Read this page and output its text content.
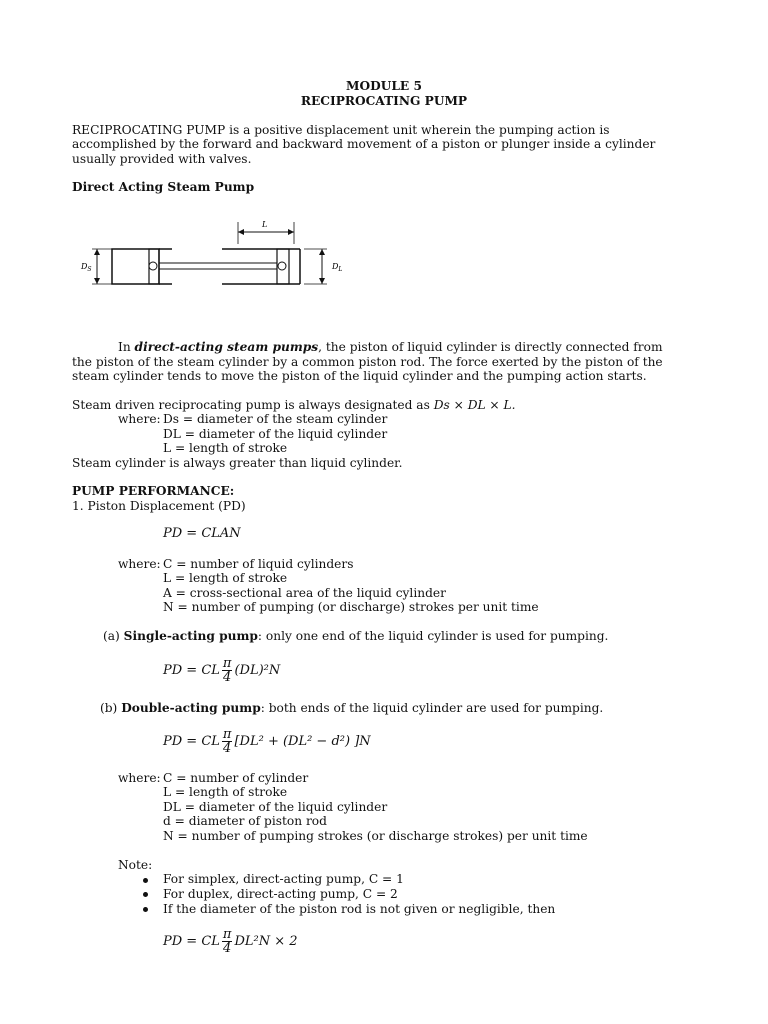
MODULE 5
RECIPROCATING PUMP
RECIPROCATING PUMP is a positive displacement unit wherein the pumping action is
accomplished by the forward and backward movement of a piston or plunger inside a cylinder
usually provided with valves.
Direct Acting Steam Pump
$D_S$
L
$D_L$
In direct-acting steam pumps, the piston of liquid cylinder is directly connected from
the piston of the steam cylinder by a common piston rod. The force exerted by the piston of the
steam cylinder tends to move the piston of the liquid cylinder and the pumping action starts.
Steam driven reciprocating pump is always designated as Ds × DL × L.
where: Ds = diameter of the steam cylinder
DL = diameter of the liquid cylinder
L = length of stroke
Steam cylinder is always greater than liquid cylinder.
PUMP PERFORMANCE:
1. Piston Displacement (PD)
PD = CLAN
where: C = number of liquid cylinders
L = length of stroke
A = cross-sectional area of the liquid cylinder
N = number of pumping (or discharge) strokes per unit time
(a) Single-acting pump: only one end of the liquid cylinder is used for pumping.
PD = CL $\frac{\pi}{4} (DL)^2N$
(b) Double-acting pump: both ends of the liquid cylinder are used for pumping.
PD = CL $\frac{\pi}{4} [DL^2 + (DL^2 - d^2)$ ]N
where: C = number of cylinder
L = length of stroke
DL = diameter of the liquid cylinder
d = diameter of piston rod
N = number of pumping strokes (or discharge strokes) per unit time
Note:
For simplex, direct-acting pump, C = 1
For duplex, direct-acting pump, C = 2
If the diameter of the piston rod is not given or negligible, then
PD = CL $\frac{\pi}{4} DL^2N \times 2$
